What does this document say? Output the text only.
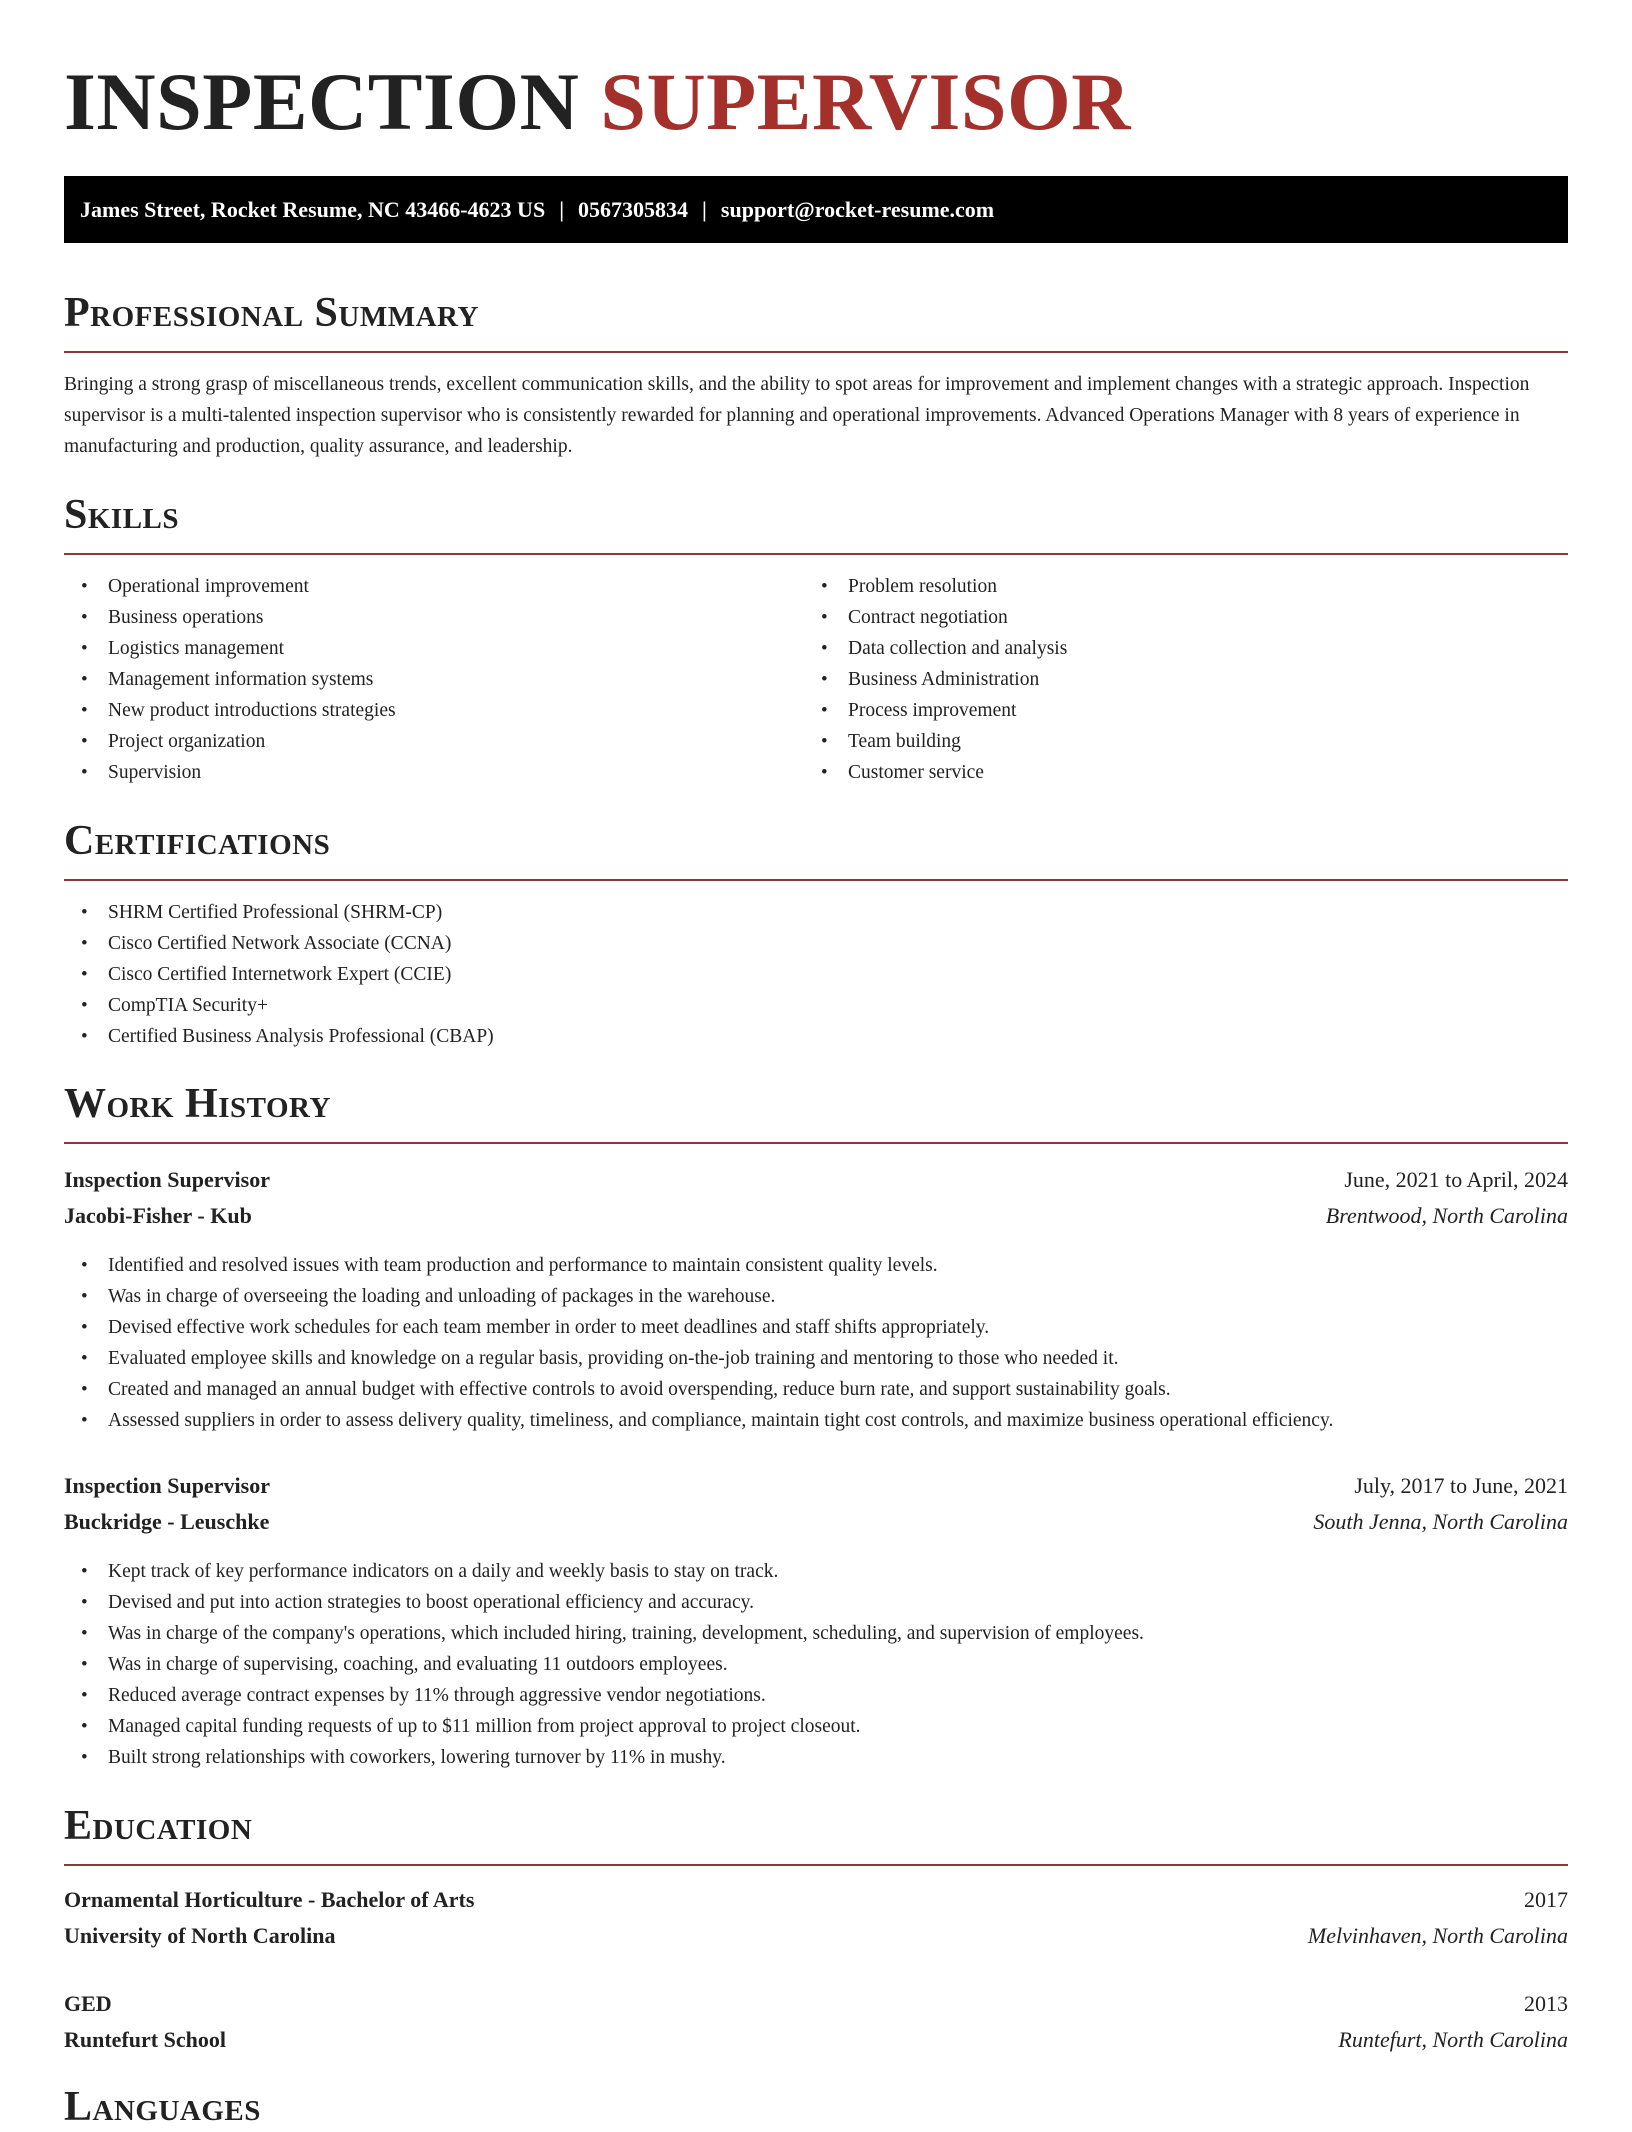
INSPECTION SUPERVISOR
James Street, Rocket Resume, NC 43466-4623 US | 0567305834 | support@rocket-resume.com
Professional Summary

Bringing a strong grasp of miscellaneous trends, excellent communication skills, and the ability to spot areas for improvement and implement changes with a strategic approach. Inspection supervisor is a multi-talented inspection supervisor who is consistently rewarded for planning and operational improvements. Advanced Operations Manager with 8 years of experience in manufacturing and production, quality assurance, and leadership.

Skills
• Operational improvement
• Business operations
• Logistics management
• Management information systems
• New product introductions strategies
• Project organization
• Supervision
• Problem resolution
• Contract negotiation
• Data collection and analysis
• Business Administration
• Process improvement
• Team building
• Customer service
Certifications
• SHRM Certified Professional (SHRM-CP)
• Cisco Certified Network Associate (CCNA)
• Cisco Certified Internetwork Expert (CCIE)
• CompTIA Security+
• Certified Business Analysis Professional (CBAP)
Work History
Inspection Supervisor	June, 2021 to April, 2024
Jacobi-Fisher - Kub	Brentwood, North Carolina
• Identified and resolved issues with team production and performance to maintain consistent quality levels.
• Was in charge of overseeing the loading and unloading of packages in the warehouse.
• Devised effective work schedules for each team member in order to meet deadlines and staff shifts appropriately.
• Evaluated employee skills and knowledge on a regular basis, providing on-the-job training and mentoring to those who needed it.
• Created and managed an annual budget with effective controls to avoid overspending, reduce burn rate, and support sustainability goals.
• Assessed suppliers in order to assess delivery quality, timeliness, and compliance, maintain tight cost controls, and maximize business operational efficiency.
Inspection Supervisor	July, 2017 to June, 2021
Buckridge - Leuschke	South Jenna, North Carolina
• Kept track of key performance indicators on a daily and weekly basis to stay on track.
• Devised and put into action strategies to boost operational efficiency and accuracy.
• Was in charge of the company's operations, which included hiring, training, development, scheduling, and supervision of employees.
• Was in charge of supervising, coaching, and evaluating 11 outdoors employees.
• Reduced average contract expenses by 11% through aggressive vendor negotiations.
• Managed capital funding requests of up to $11 million from project approval to project closeout.
• Built strong relationships with coworkers, lowering turnover by 11% in mushy.
Education
Ornamental Horticulture - Bachelor of Arts	2017
University of North Carolina	Melvinhaven, North Carolina
GED	2013
Runtefurt School	Runtefurt, North Carolina
Languages
